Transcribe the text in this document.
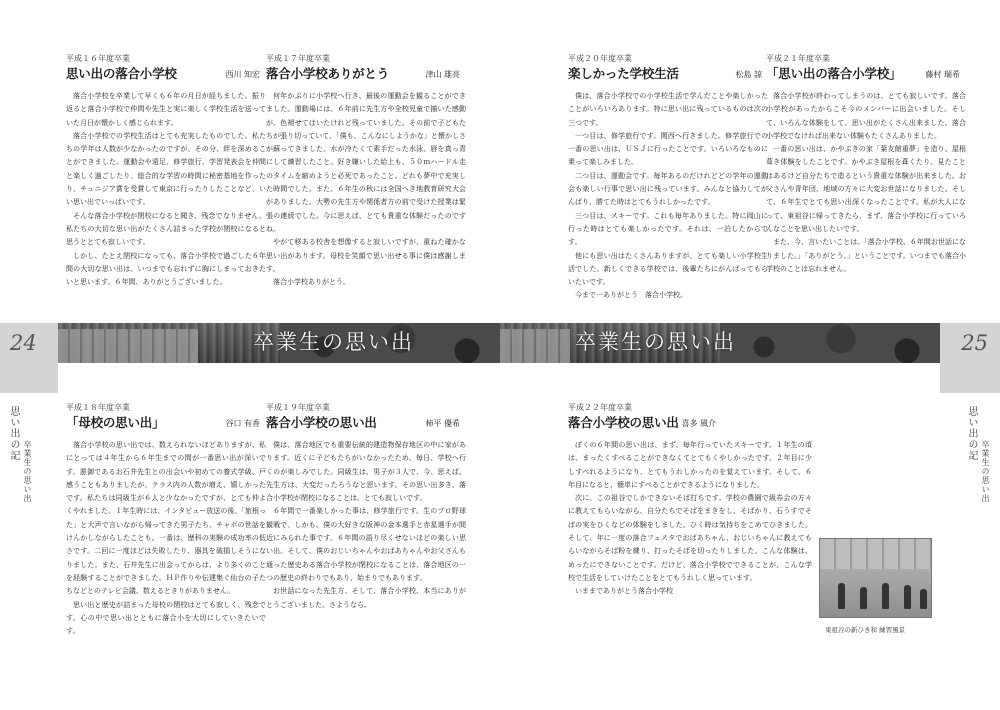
平成１６年度卒業
思い出の落合小学校	西川 知宏

落合小学校を卒業して早くも６年の月日が経ちました。振り返ると落合小学校で仲間や先生と実に楽しく学校生活を送っていた月日が懐かしく感じられます。

落合小学校での学校生活はとても充実したものでした。私たちの学年は人数が少なかったのですが、その分、絆を深めることができました。運動会や遠足、修学旅行、学習発表会を仲間と楽しく過ごしたり、総合的な学習の時間に秘密基地を作ったり、チュニジア賞を受賞して東京に行ったりしたことなど、いい思い出でいっぱいです。

そんな落合小学校が閉校になると聞き、残念でなりません。私たちの大切な思い出がたくさん詰まった学校が閉校になると思うととても寂しいです。

しかし、たとえ閉校になっても、落合小学校で過ごした６年間の大切な思い出は、いつまでも忘れずに胸にしまっておきたいと思います。６年間、ありがとうございました。

平成１７年度卒業
落合小学校ありがとう	津山 雄亮

何年かぶりに小学校へ行き、最後の運動会を観ることができました。運動場には、６年前に先生方や全校児童で揃いた感動が、色褪せてはいたけれど残っていました。その前で子どもたちが張り切っていて、「僕も、こんなにしようかな」と懐かしさが蘇ってきました。水が冷たくて素手だった水泳、唇を真っ青にして練習したこと。好き嫌いした給上も、５０ｍハードル走のタイムを縮めようと必死であったこと。どれも夢中で充実した時間でした。また、６年生の秋には全国へき地教育研究大会がありました。大勢の先生方や関係者方の前で受けた授業は緊張の連続でした。今に思えば、とても貴重な体験だったのですね。

やがて移ある校舎を想像すると寂しいですが、重ねた確かな思い出があります。母校を笑顔で思い出せる事に僕は感謝します。

落合小学校ありがとう。

24	卒業生の思い出
思い出の記
卒業生の思い出
平成１８年度卒業
「母校の思い出」	谷口 有香

落合小学校の思い出では、数えられないほどありますが、私にとっては４年生から６年生までの間が一番思い出が深いです。悪御であるお石井先生との出会いや初めての養式学級、戸感うこともありましたが、クラス内の人数が増え、嬉しかったです。私たちは同級生が６人と少なかったですが、とても仲よくやれました。１年生時には、インタビュー放送の後、「旅根った」と大声で言いながら帰ってきた男子たち。チャボの世話をけんかしながらしたことも。一番は、歴科の実験の成功率の低さです。二回に一度ほどは失敗したり、器具を破損しそうになりました。また、石井先生に出会ってからは、より多くのことを経験することができました。ＨＰ作りや伝建集ぐ仙台の子たちなどとのテレビ会議、数えるときりがありません。

思い出と歴史が詰まった母校の閉校はとても寂しく、残念です。心の中で思い出とともに落合小を大切にしていきたいです。

平成１９年度卒業
落合小学校の思い出	柿平 優希

僕は、落合地区でも重要伝統的建造物保存地区の中に家があります。近くに子どもたちがいなかったため、毎日、学校へ行くのが楽しみでした。同級生は、男子が３人で、今、思えば、先生方は、大変だったろうなと思います。その思い出多き、落合小学校が閉校になることは、とても寂しいです。

６年間で一番楽しかった事は、修学旅行です。生のプロ野球観戦で、しかも、僕の大好きな阪神の金本選手と赤星選手が間近にみられた事です。６年間の語り尽くせないほどの楽しい思い出。そして、僕のおじいちゃんやおばあちゃんやお父さんも通った歴史ある落合小学校が閉校になることは、落合地区の一つの歴史の終わりでもあり、始まりでもあります。

お世話になった先生方、そして、落合小学校、本当にありがとうございました。さようなら。

平成２０年度卒業
楽しかった学校生活	松島 諒

僕は、落合小学校での小学校生活で学んだことや楽しかったことがいろいろあります。特に思い出に残っているものは次の三つです。

一つ目は、修学旅行です。関西へ行きました。修学旅行での一番の思い出は、ＵＳＪに行ったことです。いろいろなものに乗って楽しみました。

二つ目は、運動会です。毎年あるのだけれどどの学年の運動会も楽しい行事で思い出に残っています。みんなと協力してがんばり、勝てた時はとてもうれしかったです。

三つ目は、スキーです。これも毎年ありました。特に岡山に行った時はとても楽しかったです。それは、一泊したからです。

他にも思い出はたくさんありますが、とても楽しい小学校生活でした。新しくできる学校では、後輩たちにがんばってもらいたいです。

今まで一ありがとう　落合小学校。

平成２１年度卒業
「思い出の落合小学校」	藤村 瑞希

落合小学校が終わってしまうのは、とても寂しいです。落合小学校があったからこそ今のメンバーに出会いました。そして、いろんな体験をして、思い出がたくさん出来ました。落合小学校でなければ出来ない体験もたくさんありました。

一番の思い出は、かやぶきの家「葉友館重夢」を造り、屋根葺き体験をしたことです。かやぶき屋根を葺くたり、見たことはあるけど自分たちで造るという貴重な体験が出来ました。お父さんや青年団、地域の方々に大変お世話になりました。そして、６年生でとても思い出深くなったことです。私が大人になって、東祖谷に帰ってきたら、まず、落合小学校に行っていろんなことを思い出したいです。

また、今、言いたいことは、「落合小学校、６年間お世話になりました。」「ありがとう。」ということです。いつまでも落合小学校のことは忘れません。

卒業生の思い出	25
思い出の記
卒業生の思い出
平成２２年度卒業
落合小学校の思い出 喜多 風介

ぼくの６年間の思い出は、まず、毎年行っていたスキーです。１年生の頃は、まったくすべることができなくてとてもくやしかったです。２年目に少しすべれるようになり、とてもうれしかったのを覚えています。そして、６年目になると、簡単にすべることができるようになりました。

次に、この祖谷でしかできないそば打ちです。学校の農園で級券会の方々に教えてもらいながら、自分たちでそばをまきをし、そばかり、石うすでそばの実をひくなどの体験をしました。ひく時は気持ちをこめてひきました。そして、年に一度の落合フェスタでおばあちゃん、おじいちゃんに教えてもらいながらそば粉を練り、打ったそばを切ったりしました。こんな体験は、めったにできないことです。だけど、落合小学校でできることが、こんな学校で生活をしていけたことをとてもうれしく思っています。

いままでありがとう落合小学校

東祖谷の新ひき和 練習風景
